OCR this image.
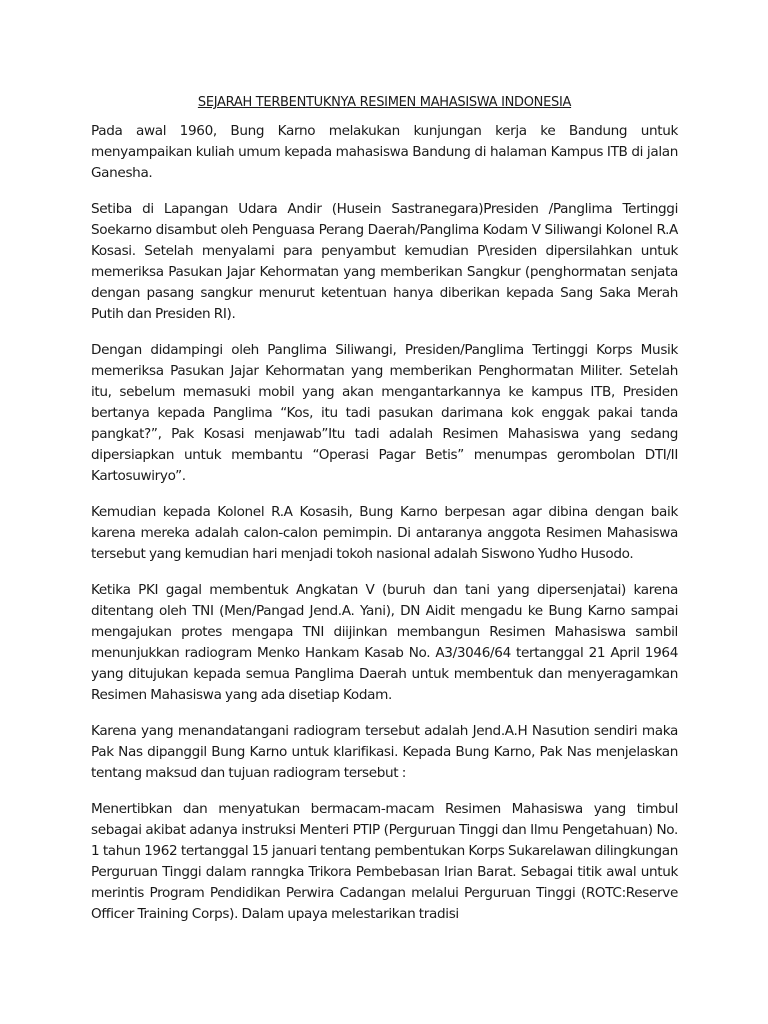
SEJARAH TERBENTUKNYA RESIMEN MAHASISWA INDONESIA

Pada awal 1960, Bung Karno melakukan kunjungan kerja ke Bandung untuk menyampaikan kuliah umum kepada mahasiswa Bandung di halaman Kampus ITB di jalan Ganesha.

Setiba di Lapangan Udara Andir (Husein Sastranegara)Presiden /Panglima Tertinggi Soekarno disambut oleh Penguasa Perang Daerah/Panglima Kodam V Siliwangi Kolonel R.A Kosasi. Setelah menyalami para penyambut kemudian P\residen dipersilahkan untuk memeriksa Pasukan Jajar Kehormatan yang memberikan Sangkur (penghormatan senjata dengan pasang sangkur menurut ketentuan hanya diberikan kepada Sang Saka Merah Putih dan Presiden RI).

Dengan didampingi oleh Panglima Siliwangi, Presiden/Panglima Tertinggi Korps Musik memeriksa Pasukan Jajar Kehormatan yang memberikan Penghormatan Militer. Setelah itu, sebelum memasuki mobil yang akan mengantarkannya ke kampus ITB, Presiden bertanya kepada Panglima “Kos, itu tadi pasukan darimana kok enggak pakai tanda pangkat?”, Pak Kosasi menjawab”Itu tadi adalah Resimen Mahasiswa yang sedang dipersiapkan untuk membantu “Operasi Pagar Betis” menumpas gerombolan DTI/II Kartosuwiryo”.

Kemudian kepada Kolonel R.A Kosasih, Bung Karno berpesan agar dibina dengan baik karena mereka adalah calon-calon pemimpin. Di antaranya anggota Resimen Mahasiswa tersebut yang kemudian hari menjadi tokoh nasional adalah Siswono Yudho Husodo.

Ketika PKI gagal membentuk Angkatan V (buruh dan tani yang dipersenjatai) karena ditentang oleh TNI (Men/Pangad Jend.A. Yani), DN Aidit mengadu ke Bung Karno sampai mengajukan protes mengapa TNI diijinkan membangun Resimen Mahasiswa sambil menunjukkan radiogram Menko Hankam Kasab No. A3/3046/64 tertanggal 21 April 1964 yang ditujukan kepada semua Panglima Daerah untuk membentuk dan menyeragamkan Resimen Mahasiswa yang ada disetiap Kodam.

Karena yang menandatangani radiogram tersebut adalah Jend.A.H Nasution sendiri maka Pak Nas dipanggil Bung Karno untuk klarifikasi. Kepada Bung Karno, Pak Nas menjelaskan tentang maksud dan tujuan radiogram tersebut :

Menertibkan dan menyatukan bermacam-macam Resimen Mahasiswa yang timbul sebagai akibat adanya instruksi Menteri PTIP (Perguruan Tinggi dan Ilmu Pengetahuan) No. 1 tahun 1962 tertanggal 15 januari tentang pembentukan Korps Sukarelawan dilingkungan Perguruan Tinggi dalam ranngka Trikora Pembebasan Irian Barat. Sebagai titik awal untuk merintis Program Pendidikan Perwira Cadangan melalui Perguruan Tinggi (ROTC:Reserve Officer Training Corps). Dalam upaya melestarikan tradisi
